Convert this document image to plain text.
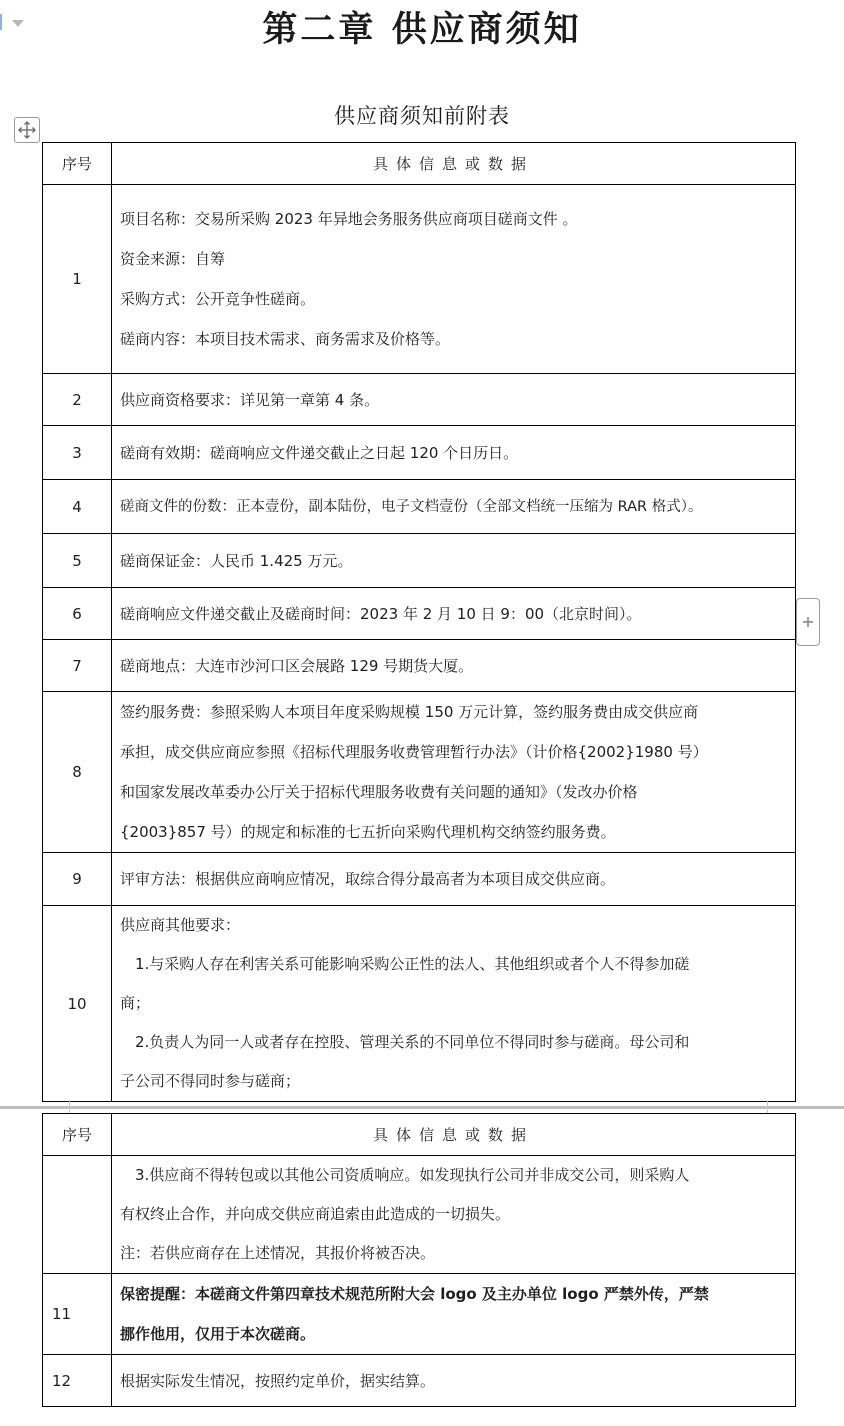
第二章 供应商须知
供应商须知前附表
序号	具体信息或数据
1	项目名称：交易所采购 2023 年异地会务服务供应商项目磋商文件 。
资金来源：自筹
采购方式：公开竞争性磋商。
磋商内容：本项目技术需求、商务需求及价格等。

2	供应商资格要求：详见第一章第 4 条。

3	磋商有效期：磋商响应文件递交截止之日起 120 个日历日。

4	磋商文件的份数：正本壹份，副本陆份，电子文档壹份（全部文档统一压缩为 RAR 格式）。

5	磋商保证金：人民币 1.425 万元。

6	磋商响应文件递交截止及磋商时间：2023 年 2 月 10 日 9：00（北京时间）。

7	磋商地点：大连市沙河口区会展路 129 号期货大厦。

8	签约服务费：参照采购人本项目年度采购规模 150 万元计算，签约服务费由成交供应商
承担，成交供应商应参照《招标代理服务收费管理暂行办法》（计价格{2002}1980 号）
和国家发展改革委办公厅关于招标代理服务收费有关问题的通知》（发改办价格
{2003}857 号）的规定和标准的七五折向采购代理机构交纳签约服务费。

9	评审方法：根据供应商响应情况，取综合得分最高者为本项目成交供应商。

10	供应商其他要求：
1.与采购人存在利害关系可能影响采购公正性的法人、其他组织或者个人不得参加磋
商；
2.负责人为同一人或者存在控股、管理关系的不同单位不得同时参与磋商。母公司和
子公司不得同时参与磋商；
序号	具体信息或数据

	3.供应商不得转包或以其他公司资质响应。如发现执行公司并非成交公司，则采购人
有权终止合作，并向成交供应商追索由此造成的一切损失。
注：若供应商存在上述情况，其报价将被否决。

11	保密提醒：本磋商文件第四章技术规范所附大会 logo 及主办单位 logo 严禁外传，严禁
挪作他用，仅用于本次磋商。

12	根据实际发生情况，按照约定单价，据实结算。
